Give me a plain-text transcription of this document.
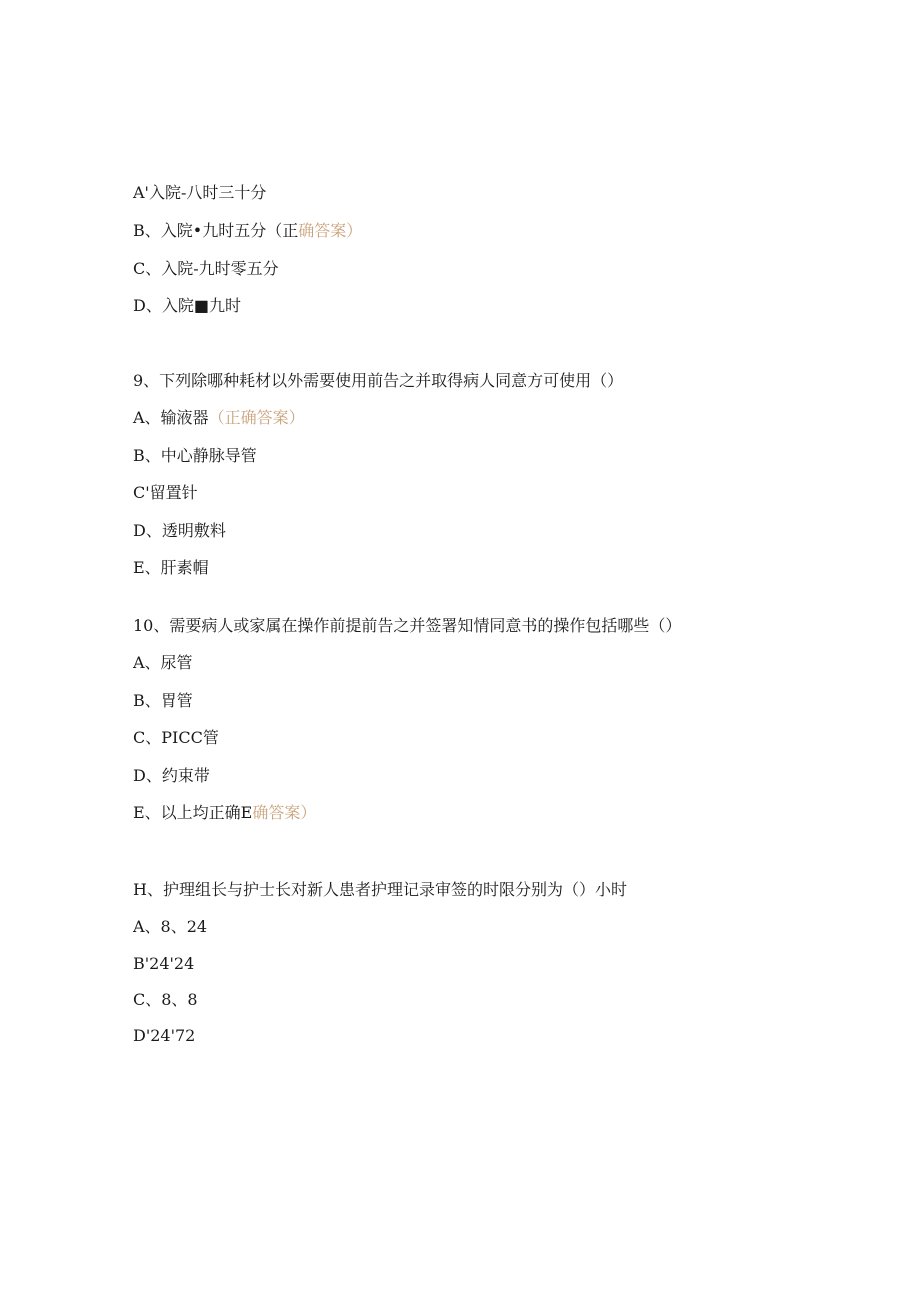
A'入院-八时三十分
B、入院•九时五分（正确答案）
C、入院-九时零五分
D、入院■九时
9、下列除哪种耗材以外需要使用前告之并取得病人同意方可使用（）
A、输液器（正确答案）
B、中心静脉导管
C'留置针
D、透明敷料
E、肝素帽
10、需要病人或家属在操作前提前告之并签署知情同意书的操作包括哪些（）
A、尿管
B、胃管
C、PICC管
D、约束带
E、以上均正确E确答案）
H、护理组长与护士长对新人患者护理记录审签的时限分别为（）小时
A、8、24
B'24'24
C、8、8
D'24'72
